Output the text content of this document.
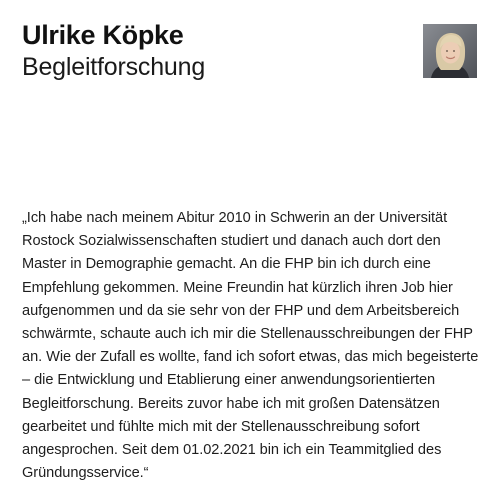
Ulrike Köpke
Begleitforschung

„Ich habe nach meinem Abitur 2010 in Schwerin an der Universität Rostock Sozialwissenschaften studiert und danach auch dort den Master in Demographie gemacht. An die FHP bin ich durch eine Empfehlung gekommen. Meine Freundin hat kürzlich ihren Job hier aufgenommen und da sie sehr von der FHP und dem Arbeitsbereich schwärmte, schaute auch ich mir die Stellenausschreibungen der FHP an. Wie der Zufall es wollte, fand ich sofort etwas, das mich begeisterte – die Entwicklung und Etablierung einer anwendungsorientierten Begleitforschung. Bereits zuvor habe ich mit großen Datensätzen gearbeitet und fühlte mich mit der Stellenausschreibung sofort angesprochen. Seit dem 01.02.2021 bin ich ein Teammitglied des Gründungsservice.“
